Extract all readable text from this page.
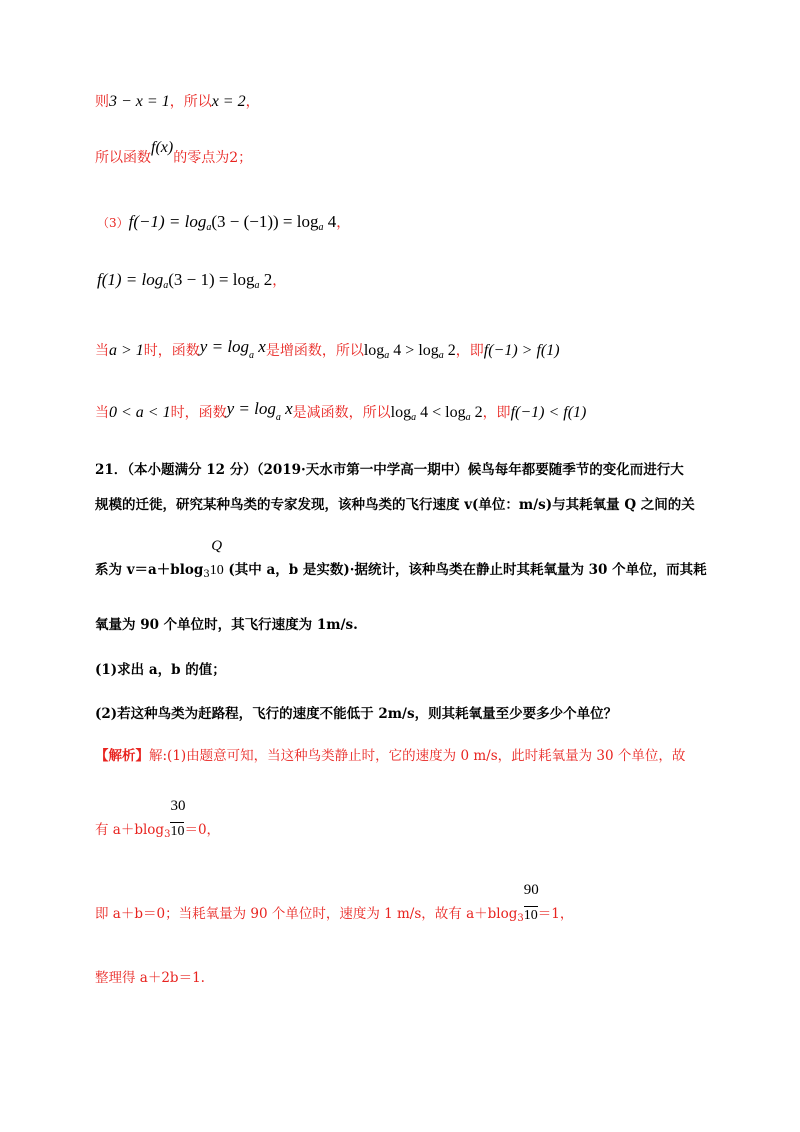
则3 − x = 1，所以x = 2，
所以函数f(x)的零点为2；
$(3)f(-1) = \log_a(3 - (-1)) = \log_a 4$，
$f(1) = \log_a(3 - 1) = \log_a 2$，
当a > 1时，函数$y = \log_a x$是增函数，所以$\log_a 4 > \log_a 2$，即f(−1) > f(1)
当0 < a < 1时，函数$y = \log_a x$是减函数，所以$\log_a 4 < \log_a 2$，即f(−1) < f(1)
21．（本小题满分 12 分）（2019·天水市第一中学高一期中）候鸟每年都要随季节的变化而进行大
规模的迁徙，研究某种鸟类的专家发现，该种鸟类的飞行速度 v(单位：m/s)与其耗氧量 Q 之间的关
系为 v＝a＋blog$_3$
Q
10 (其中 a，b 是实数)·据统计，该种鸟类在静止时其耗氧量为 30 个单位，而其耗
氧量为 90 个单位时，其飞行速度为 1m/s.
(1)求出 a，b 的值；
(2)若这种鸟类为赶路程，飞行的速度不能低于 2m/s，则其耗氧量至少要多少个单位？
【解析】解:(1)由题意可知，当这种鸟类静止时，它的速度为 0 m/s，此时耗氧量为 30 个单位，故
有 $a+blog_3 \frac{30}{10} =0$，
即 a＋b＝0；当耗氧量为 90 个单位时，速度为 1 m/s，故有 $a+blog_3 \frac{90}{10} =1$，
整理得 a＋2b＝1.
